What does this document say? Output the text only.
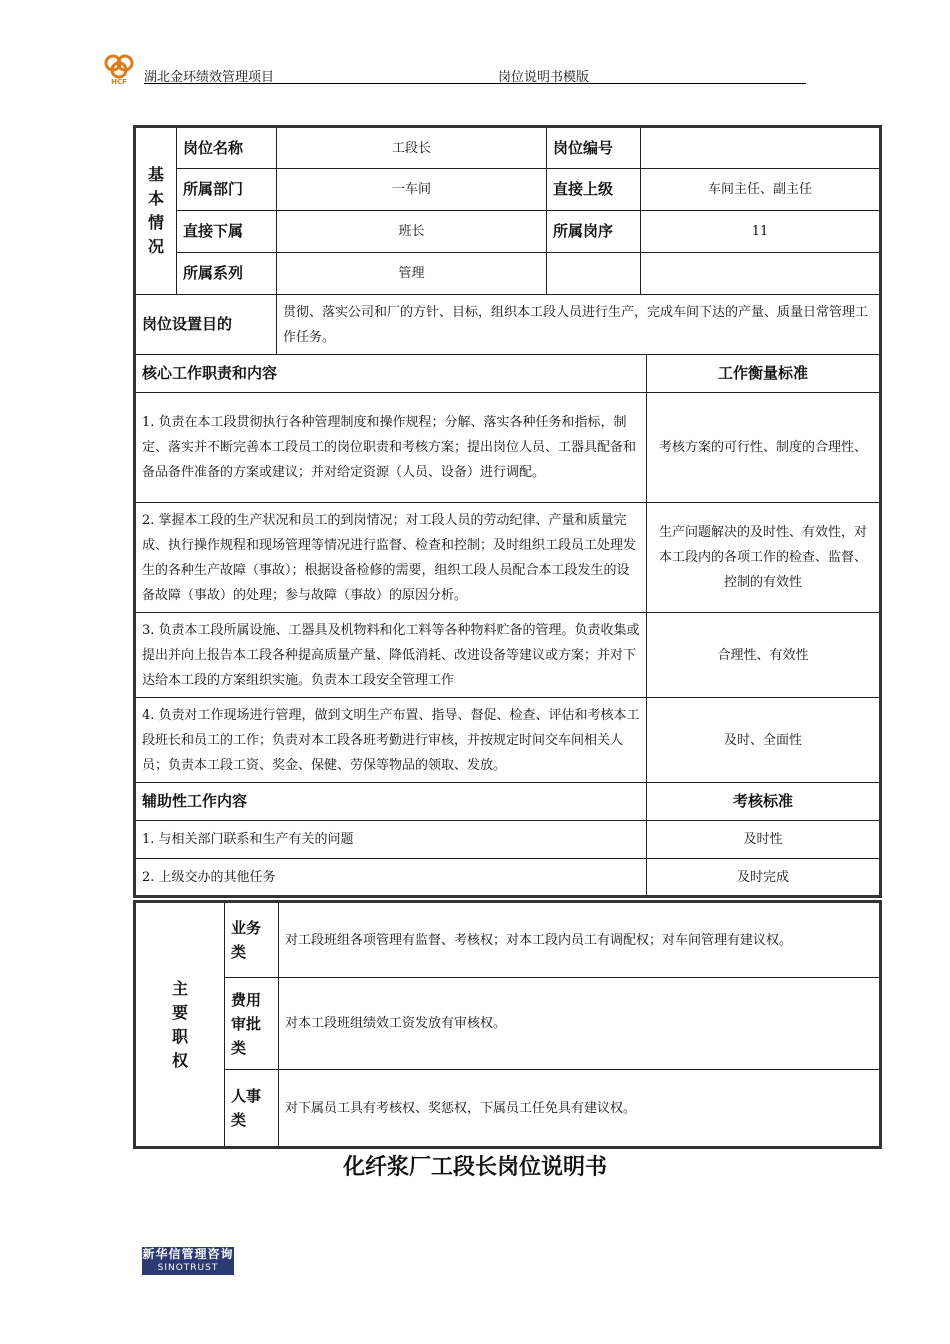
HCF 湖北金环绩效管理项目	岗位说明书模版
基本情况	岗位名称	工段长	岗位编号		
	所属部门	一车间	直接上级	车间主任、副主任	
	直接下属	班长	所属岗序	11	
	所属系列	管理			
岗位设置目的		贯彻、落实公司和厂的方针、目标，组织本工段人员进行生产，完成车间下达的产量、质量日常管理工作任务。			
核心工作职责和内容					工作衡量标准
1. 负责在本工段贯彻执行各种管理制度和操作规程；分解、落实各种任务和指标，制定、落实并不断完善本工段员工的岗位职责和考核方案；提出岗位人员、工器具配备和备品备件准备的方案或建议；并对给定资源（人员、设备）进行调配。					考核方案的可行性、制度的合理性、
2. 掌握本工段的生产状况和员工的到岗情况；对工段人员的劳动纪律、产量和质量完成、执行操作规程和现场管理等情况进行监督、检查和控制；及时组织工段员工处理发生的各种生产故障（事故）；根据设备检修的需要，组织工段人员配合本工段发生的设备故障（事故）的处理；参与故障（事故）的原因分析。					生产问题解决的及时性、有效性，对本工段内的各项工作的检查、监督、 控制的有效性
3. 负责本工段所属设施、工器具及机物料和化工料等各种物料贮备的管理。负责收集或提出并向上报告本工段各种提高质量产量、降低消耗、改进设备等建议或方案；并对下达给本工段的方案组织实施。负责本工段安全管理工作					合理性、有效性
4. 负责对工作现场进行管理，做到文明生产布置、指导、督促、检查、评估和考核本工段班长和员工的工作；负责对本工段各班考勤进行审核，并按规定时间交车间相关人员；负责本工段工资、奖金、保健、劳保等物品的领取、发放。					及时、全面性
辅助性工作内容					考核标准
1. 与相关部门联系和生产有关的问题					及时性
2. 上级交办的其他任务					及时完成
主要职权	业务类	对工段班组各项管理有监督、考核权；对本工段内员工有调配权；对车间管理有建议权。
	费用审批类	对本工段班组绩效工资发放有审核权。
	人事类	对下属员工具有考核权、奖惩权，下属员工任免具有建议权。
化纤浆厂工段长岗位说明书
新华信管理咨询
SINOTRUST
